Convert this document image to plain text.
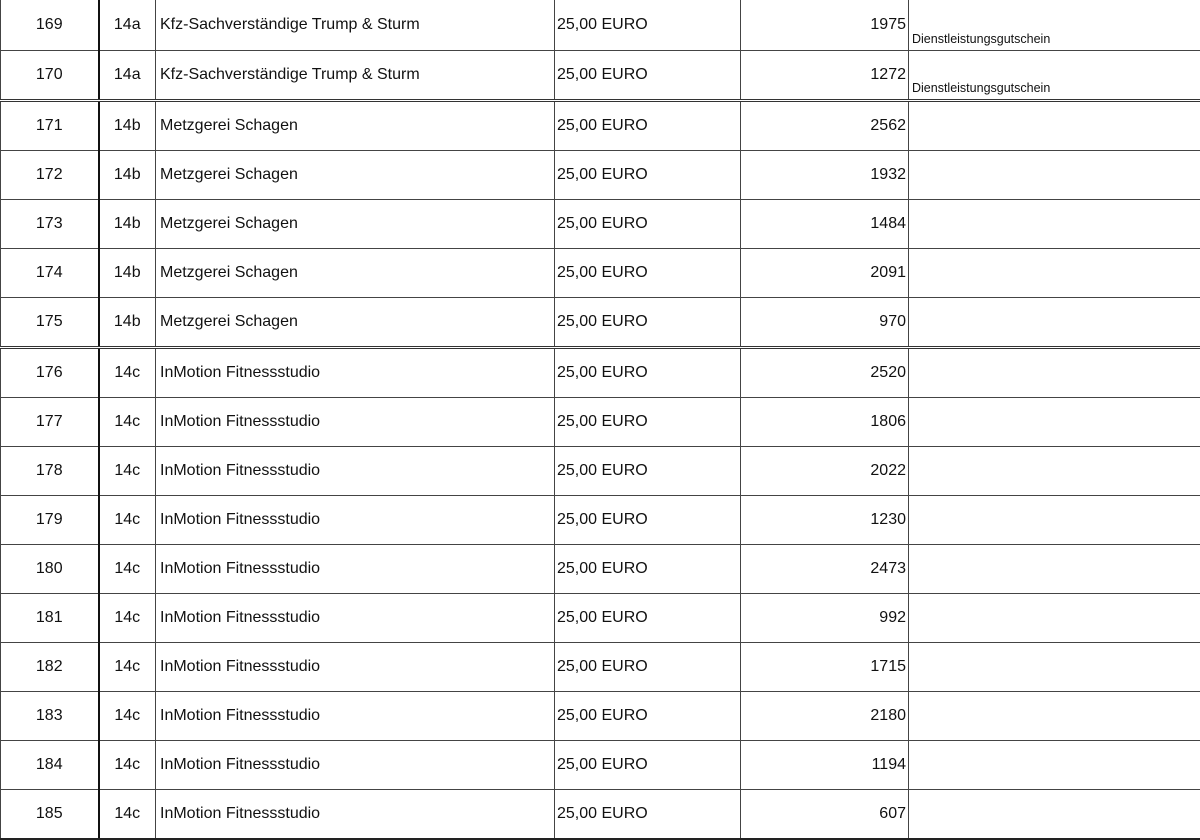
169	14a	Kfz-Sachverständige Trump & Sturm	25,00 EURO	1975	Dienstleistungsgutschein
170	14a	Kfz-Sachverständige Trump & Sturm	25,00 EURO	1272	Dienstleistungsgutschein
171	14b	Metzgerei Schagen	25,00 EURO	2562	
172	14b	Metzgerei Schagen	25,00 EURO	1932	
173	14b	Metzgerei Schagen	25,00 EURO	1484	
174	14b	Metzgerei Schagen	25,00 EURO	2091	
175	14b	Metzgerei Schagen	25,00 EURO	970	
176	14c	InMotion Fitnessstudio	25,00 EURO	2520	
177	14c	InMotion Fitnessstudio	25,00 EURO	1806	
178	14c	InMotion Fitnessstudio	25,00 EURO	2022	
179	14c	InMotion Fitnessstudio	25,00 EURO	1230	
180	14c	InMotion Fitnessstudio	25,00 EURO	2473	
181	14c	InMotion Fitnessstudio	25,00 EURO	992	
182	14c	InMotion Fitnessstudio	25,00 EURO	1715	
183	14c	InMotion Fitnessstudio	25,00 EURO	2180	
184	14c	InMotion Fitnessstudio	25,00 EURO	1194	
185	14c	InMotion Fitnessstudio	25,00 EURO	607	
